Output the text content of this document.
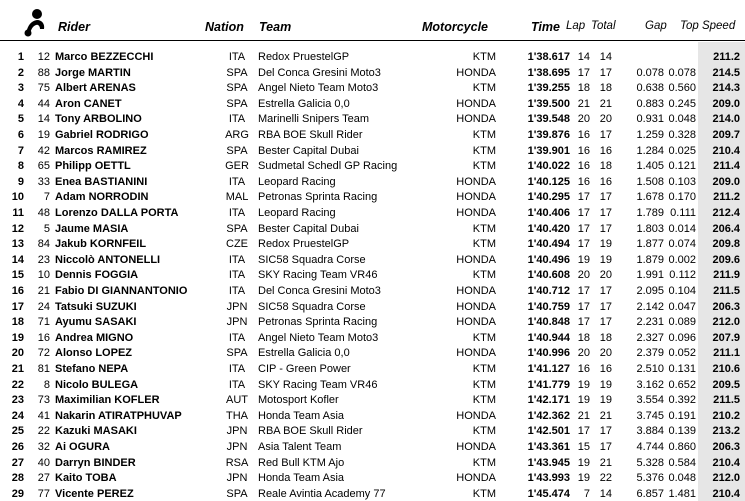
Rider	Nation Team	Motorcycle	Time Lap Total	Gap Top Speed
1	12 Marco BEZZECCHI	ITA	Redox PruestelGP	KTM	1'38.617 14 14	211.2
2	88 Jorge MARTIN	SPA Del Conca Gresini Moto3	HONDA	1'38.695 17 17	0.078 0.078	214.5
3	75 Albert ARENAS	SPA Angel Nieto Team Moto3	KTM	1'39.255 18 18	0.638 0.560	214.3
4	44 Aron CANET	SPA Estrella Galicia 0,0	HONDA	1'39.500 21 21	0.883 0.245	209.0
5	14 Tony ARBOLINO	ITA	Marinelli Snipers Team	HONDA	1'39.548 20 20	0.931 0.048	214.0
6	19 Gabriel RODRIGO	ARG RBA BOE Skull Rider	KTM	1'39.876 16 17	1.259 0.328	209.7
7	42 Marcos RAMIREZ	SPA Bester Capital Dubai	KTM	1'39.901 16 16	1.284 0.025	210.4
8	65 Philipp OETTL	GER Sudmetal Schedl GP Racing	KTM	1'40.022 16 18	1.405 0.121	211.4
9	33 Enea BASTIANINI	ITA	Leopard Racing	HONDA	1'40.125 16 16	1.508 0.103	209.0
10	7 Adam NORRODIN	MAL Petronas Sprinta Racing	HONDA	1'40.295 17 17	1.678 0.170	211.2
11	48 Lorenzo DALLA PORTA	ITA	Leopard Racing	HONDA	1'40.406 17 17	1.789 0.111	212.4
12	5 Jaume MASIA	SPA Bester Capital Dubai	KTM	1'40.420 17 17	1.803 0.014	206.4
13	84 Jakub KORNFEIL	CZE Redox PruestelGP	KTM	1'40.494 17 19	1.877 0.074	209.8
14	23 Niccolò ANTONELLI	ITA	SIC58 Squadra Corse	HONDA	1'40.496 19 19	1.879 0.002	209.6
15	10 Dennis FOGGIA	ITA	SKY Racing Team VR46	KTM	1'40.608 20 20	1.991 0.112	211.9
16	21 Fabio DI GIANNANTONIO	ITA	Del Conca Gresini Moto3	HONDA	1'40.712 17 17	2.095 0.104	211.5
17	24 Tatsuki SUZUKI	JPN SIC58 Squadra Corse	HONDA	1'40.759 17 17	2.142 0.047	206.3
18	71 Ayumu SASAKI	JPN Petronas Sprinta Racing	HONDA	1'40.848 17 17	2.231 0.089	212.0
19	16 Andrea MIGNO	ITA	Angel Nieto Team Moto3	KTM	1'40.944 18 18	2.327 0.096	207.9
20	72 Alonso LOPEZ	SPA Estrella Galicia 0,0	HONDA	1'40.996 20 20	2.379 0.052	211.1
21	81 Stefano NEPA	ITA	CIP - Green Power	KTM	1'41.127 16 16	2.510 0.131	210.6
22	8 Nicolo BULEGA	ITA	SKY Racing Team VR46	KTM	1'41.779 19 19	3.162 0.652	209.5
23	73 Maximilian KOFLER	AUT Motosport Kofler	KTM	1'42.171 19 19	3.554 0.392	211.5
24	41 Nakarin ATIRATPHUVAP	THA Honda Team Asia	HONDA	1'42.362 21 21	3.745 0.191	210.2
25	22 Kazuki MASAKI	JPN RBA BOE Skull Rider	KTM	1'42.501 17 17	3.884 0.139	213.2
26	32 Ai OGURA	JPN Asia Talent Team	HONDA	1'43.361 15 17	4.744 0.860	206.3
27	40 Darryn BINDER	RSA Red Bull KTM Ajo	KTM	1'43.945 19 21	5.328 0.584	210.4
28	27 Kaito TOBA	JPN Honda Team Asia	HONDA	1'43.993 19 22	5.376 0.048	212.0
29	77 Vicente PEREZ	SPA Reale Avintia Academy 77	KTM	1'45.474	7 14	6.857 1.481	210.4
